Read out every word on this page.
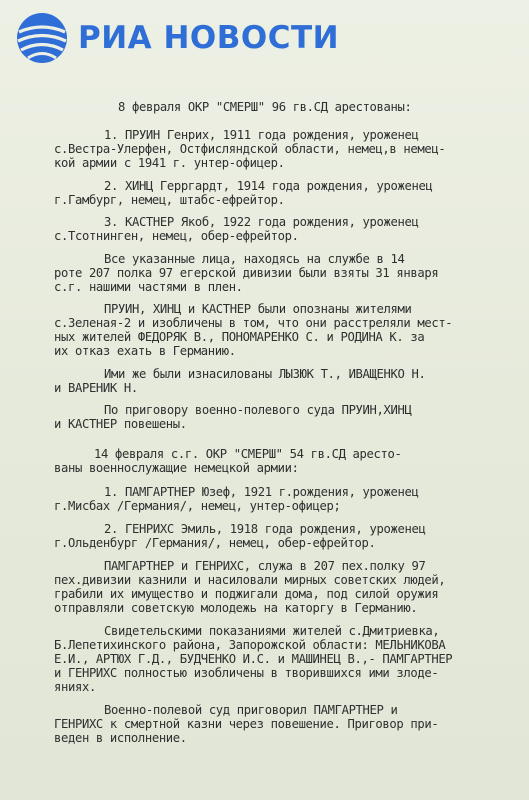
РИА НОВОСТИ
8 февраля ОКР "СМЕРШ" 96 гв.СД арестованы:
1. ПРУИН Генрих, 1911 года рождения, уроженец
с.Вестра-Улерфен, Остфисляндской области, немец,в немец-
кой армии с 1941 г. унтер-офицер.
2. ХИНЦ Герргардт, 1914 года рождения, уроженец
г.Гамбург, немец, штабс-ефрейтор.
3. КАСТНЕР Якоб, 1922 года рождения, уроженец
с.Тсотнинген, немец, обер-ефрейтор.
Все указанные лица, находясь на службе в 14
роте 207 полка 97 егерской дивизии были взяты 31 января
с.г. нашими частями в плен.
ПРУИН, ХИНЦ и КАСТНЕР были опознаны жителями
с.Зеленая-2 и изобличены в том, что они расстреляли мест-
ных жителей ФЕДОРЯК В., ПОНОМАРЕНКО С. и РОДИНА К. за
их отказ ехать в Германию.
Ими же были изнасилованы ЛЫЗЮК Т., ИВАЩЕНКО Н.
и ВАРЕНИК Н.
По приговору военно-полевого суда ПРУИН,ХИНЦ
и КАСТНЕР повешены.
14 февраля с.г. ОКР "СМЕРШ" 54 гв.СД аресто-
ваны военнослужащие немецкой армии:
1. ПАМГАРТНЕР Юзеф, 1921 г.рождения, уроженец
г.Мисбах /Германия/, немец, унтер-офицер;
2. ГЕНРИХС Эмиль, 1918 года рождения, уроженец
г.Ольденбург /Германия/, немец, обер-ефрейтор.
ПАМГАРТНЕР и ГЕНРИХС, служа в 207 пех.полку 97
пех.дивизии казнили и насиловали мирных советских людей,
грабили их имущество и поджигали дома, под силой оружия
отправляли советскую молодежь на каторгу в Германию.
Свидетельскими показаниями жителей с.Дмитриевка,
Б.Лепетихинского района, Запорожской области: МЕЛЬНИКОВА
Е.И., АРТЮХ Г.Д., БУДЧЕНКО И.С. и МАШИНЕЦ В.,- ПАМГАРТНЕР
и ГЕНРИХС полностью изобличены в творившихся ими злоде-
яниях.
Военно-полевой суд приговорил ПАМГАРТНЕР и
ГЕНРИХС к смертной казни через повешение. Приговор при-
веден в исполнение.
